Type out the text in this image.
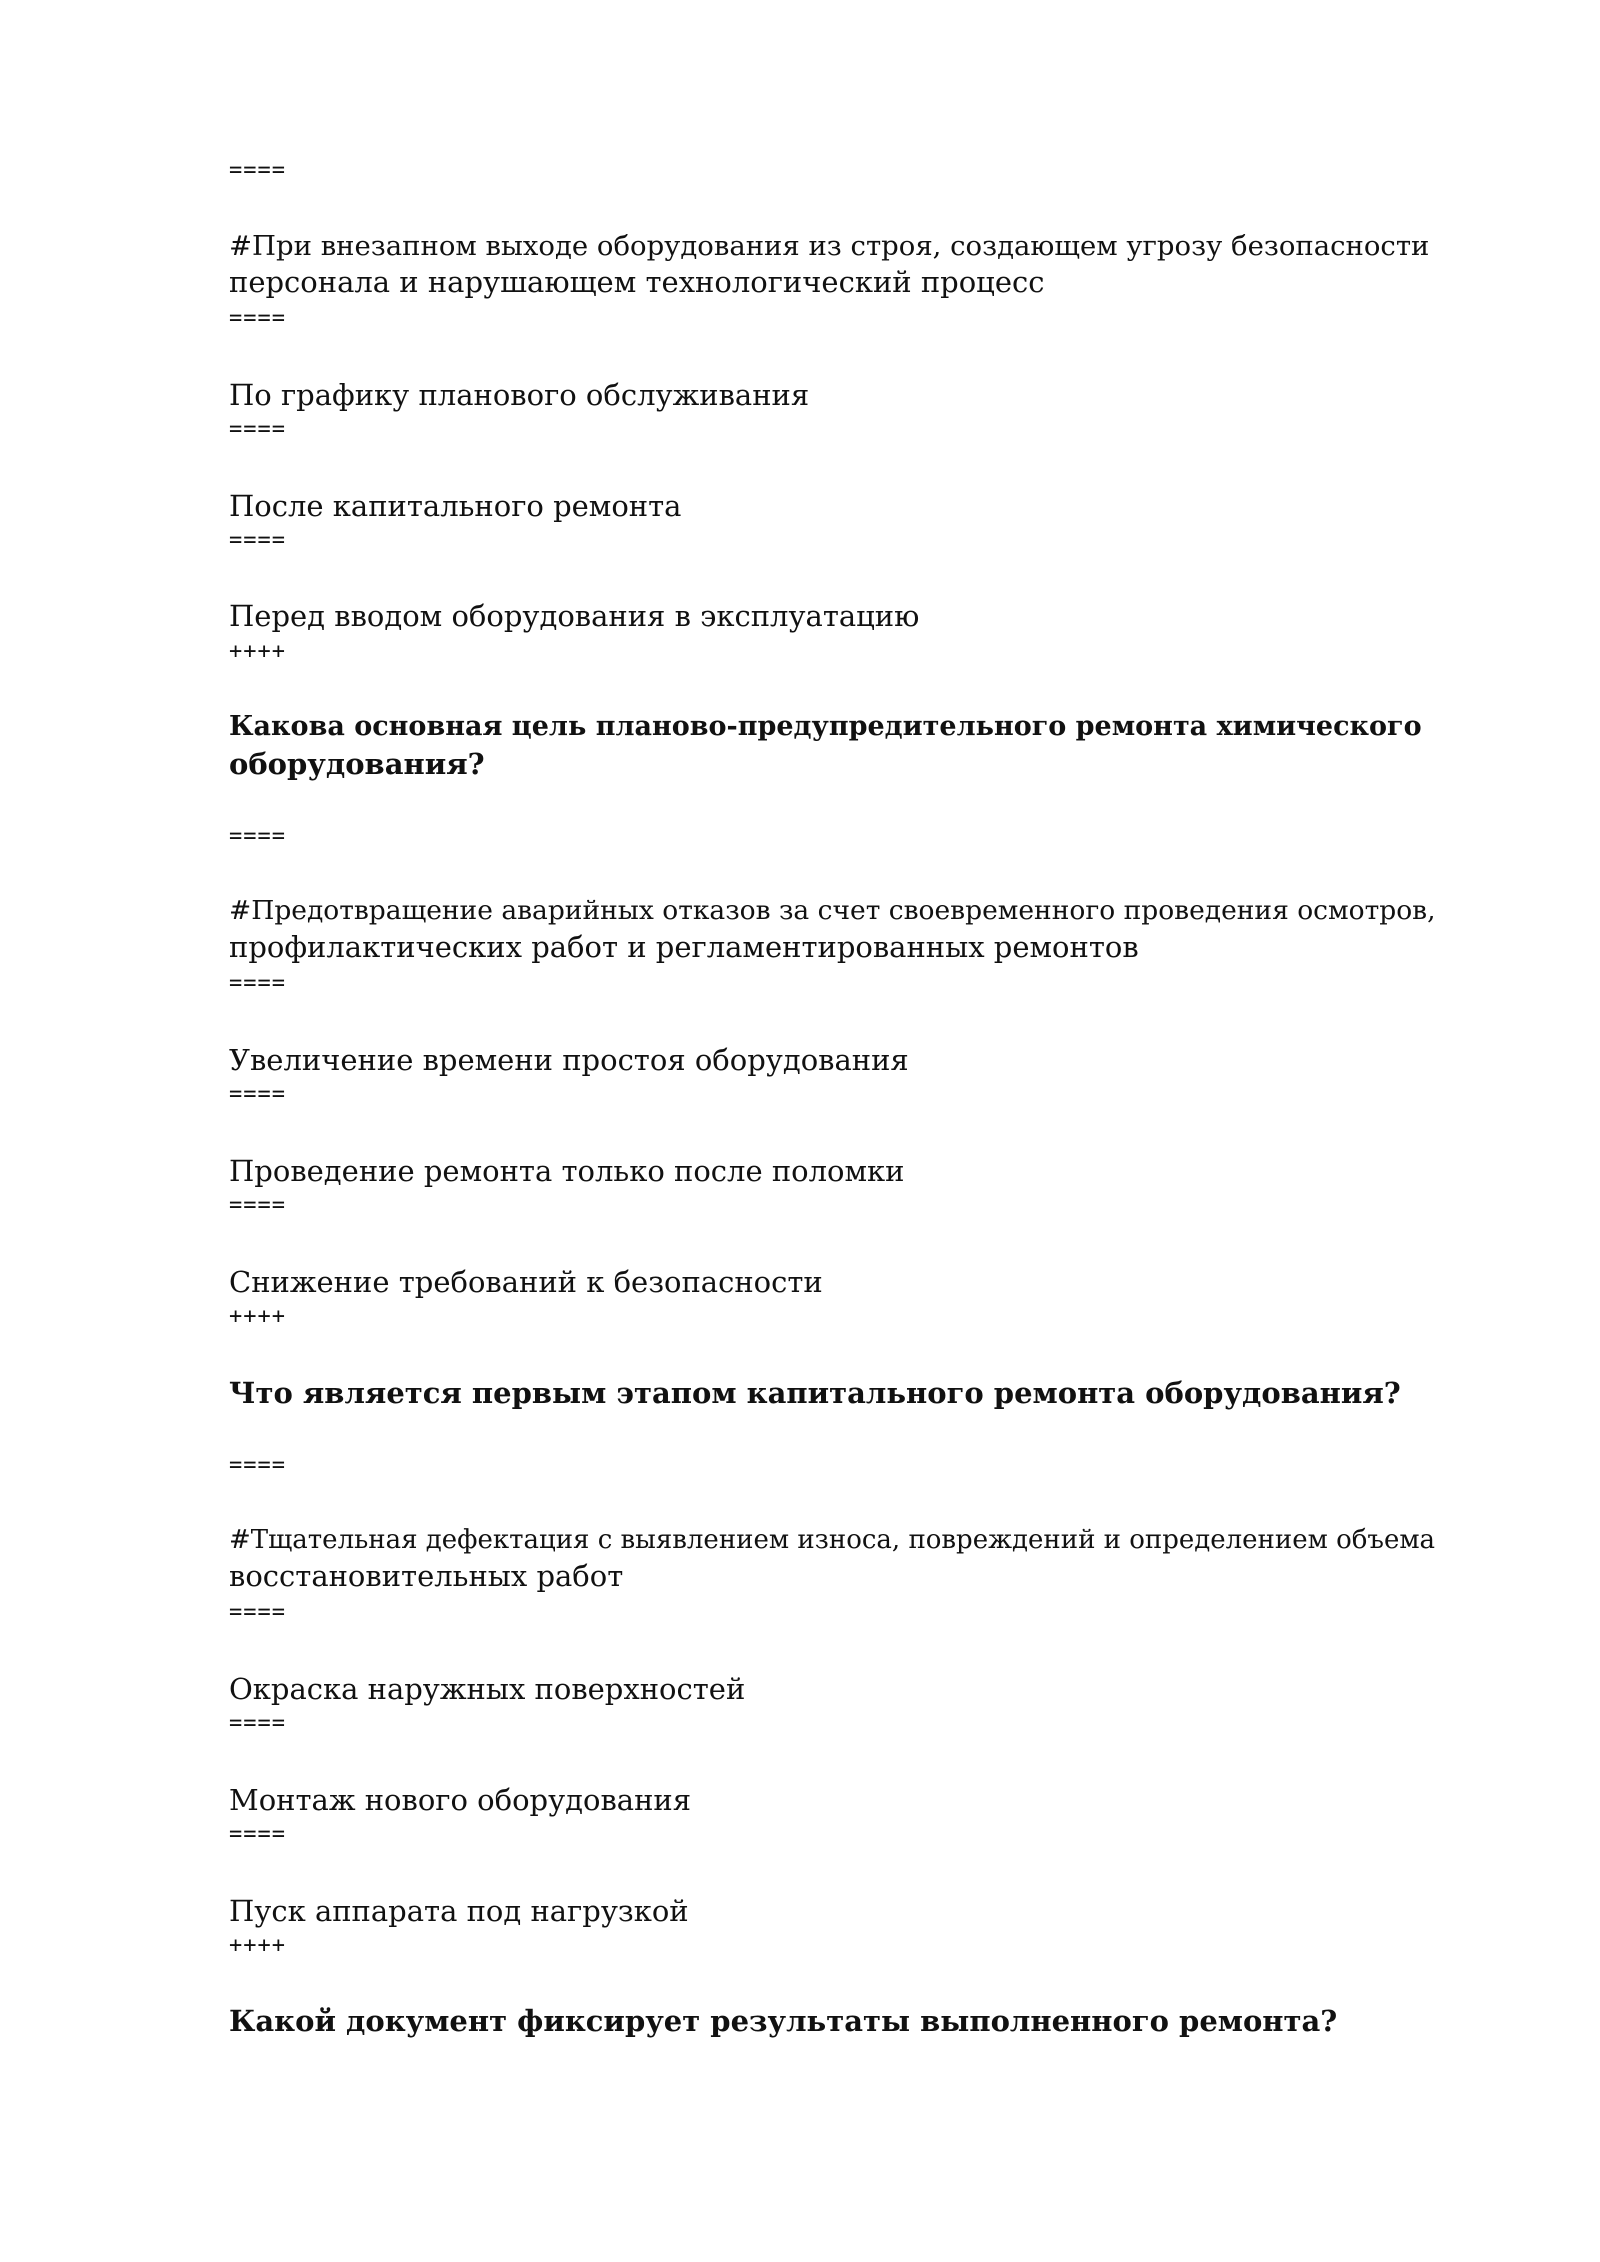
====
#При внезапном выходе оборудования из строя, создающем угрозу безопасности
персонала и нарушающем технологический процесс
====
По графику планового обслуживания
====
После капитального ремонта
====
Перед вводом оборудования в эксплуатацию
++++
Какова основная цель планово-предупредительного ремонта химического
оборудования?
====
#Предотвращение аварийных отказов за счет своевременного проведения осмотров,
профилактических работ и регламентированных ремонтов
====
Увеличение времени простоя оборудования
====
Проведение ремонта только после поломки
====
Снижение требований к безопасности
++++
Что является первым этапом капитального ремонта оборудования?
====
#Тщательная дефектация с выявлением износа, повреждений и определением объема
восстановительных работ
====
Окраска наружных поверхностей
====
Монтаж нового оборудования
====
Пуск аппарата под нагрузкой
++++
Какой документ фиксирует результаты выполненного ремонта?
